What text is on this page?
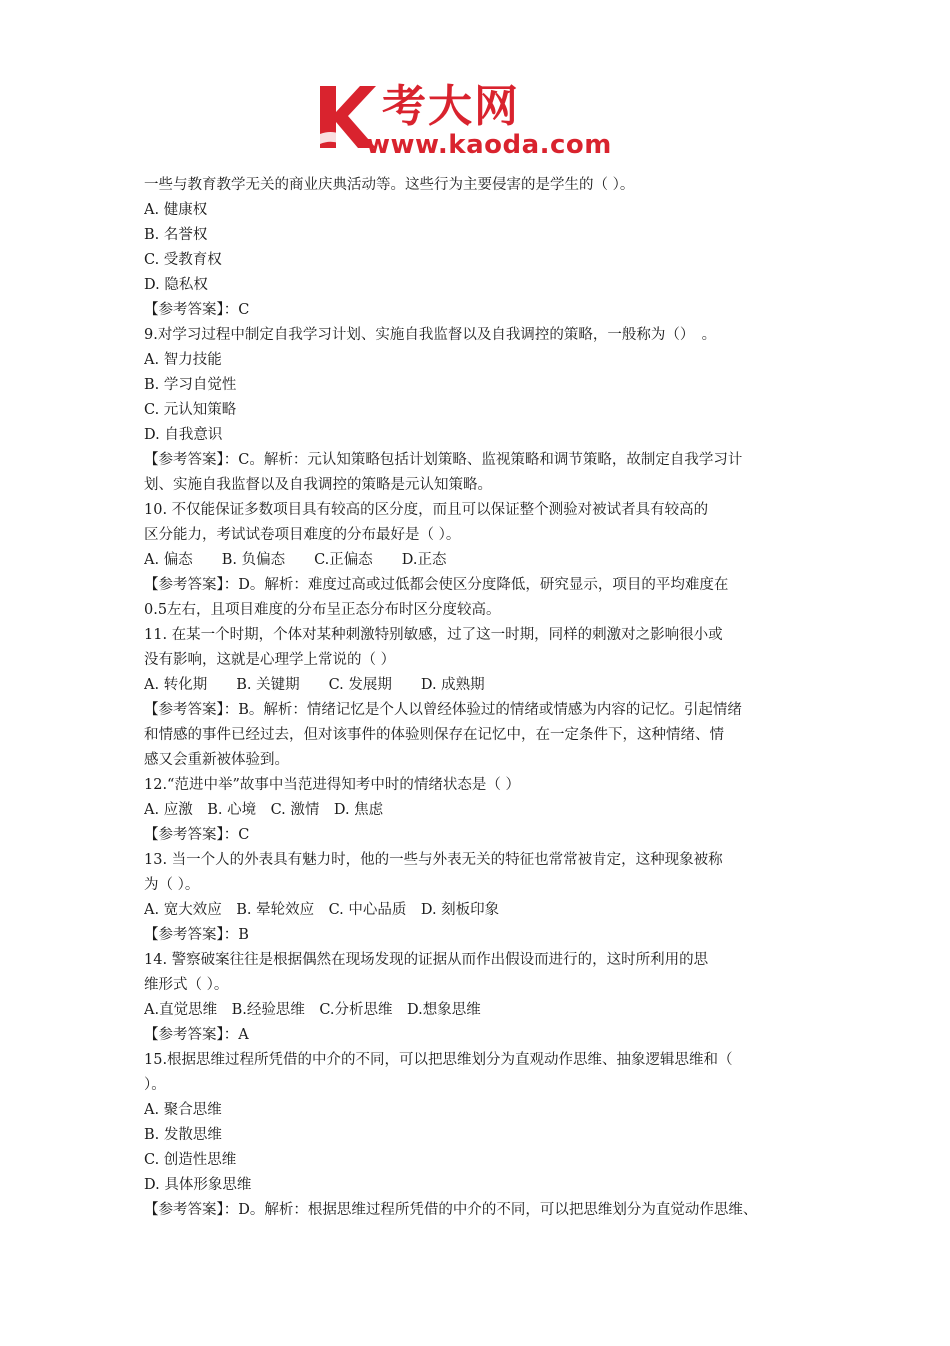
考大网
www.kaoda.com
一些与教育教学无关的商业庆典活动等。这些行为主要侵害的是学生的（ ）。
A. 健康权
B. 名誉权
C. 受教育权
D. 隐私权
【参考答案】：C
9.对学习过程中制定自我学习计划、实施自我监督以及自我调控的策略，一般称为（）　。
A. 智力技能
B. 学习自觉性
C. 元认知策略
D. 自我意识
【参考答案】：C。解析：元认知策略包括计划策略、监视策略和调节策略，故制定自我学习计
划、实施自我监督以及自我调控的策略是元认知策略。
10. 不仅能保证多数项目具有较高的区分度，而且可以保证整个测验对被试者具有较高的
区分能力，考试试卷项目难度的分布最好是（ ）。
A. 偏态　　B. 负偏态　　C.正偏态　　D.正态
【参考答案】：D。解析：难度过高或过低都会使区分度降低，研究显示，项目的平均难度在
0.5左右，且项目难度的分布呈正态分布时区分度较高。
11. 在某一个时期，个体对某种刺激特别敏感，过了这一时期，同样的刺激对之影响很小或
没有影响，这就是心理学上常说的（ ）
A. 转化期　　B. 关键期　　C. 发展期　　D. 成熟期
【参考答案】：B。解析：情绪记忆是个人以曾经体验过的情绪或情感为内容的记忆。引起情绪
和情感的事件已经过去，但对该事件的体验则保存在记忆中，在一定条件下，这种情绪、情
感又会重新被体验到。
12.“范进中举”故事中当范进得知考中时的情绪状态是（ ）
A. 应激　B. 心境　C. 激情　D. 焦虑
【参考答案】：C
13. 当一个人的外表具有魅力时，他的一些与外表无关的特征也常常被肯定，这种现象被称
为（ ）。
A. 宽大效应　B. 晕轮效应　C. 中心品质　D. 刻板印象
【参考答案】：B
14. 警察破案往往是根据偶然在现场发现的证据从而作出假设而进行的，这时所利用的思
维形式（ ）。
A.直觉思维　B.经验思维　C.分析思维　D.想象思维
【参考答案】：A
15.根据思维过程所凭借的中介的不同，可以把思维划分为直观动作思维、抽象逻辑思维和（
）。
A. 聚合思维
B. 发散思维
C. 创造性思维
D. 具体形象思维
【参考答案】：D。解析：根据思维过程所凭借的中介的不同，可以把思维划分为直觉动作思维、
